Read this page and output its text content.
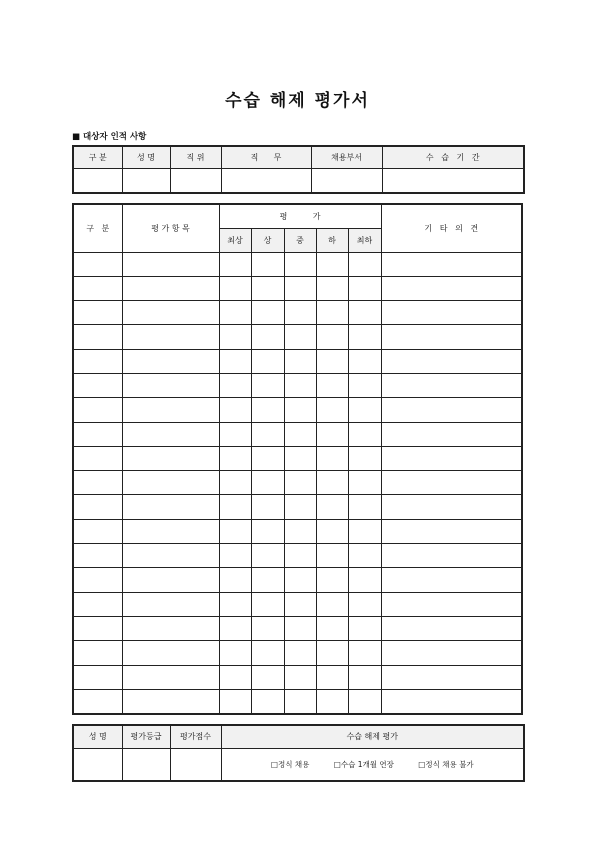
수습 해제 평가서
■ 대상자 인적 사항
구 분	성 명	직 위	직      무	채용부서	수   습   기   간

구   분	평 가 항 목	평          가					기   타   의   견
		최상	상	중	하	최하	

성 명	평가등급	평가점수	수습 해제 평가
			□정식 채용 □수습 1개월 연장 □정식 채용 불가
